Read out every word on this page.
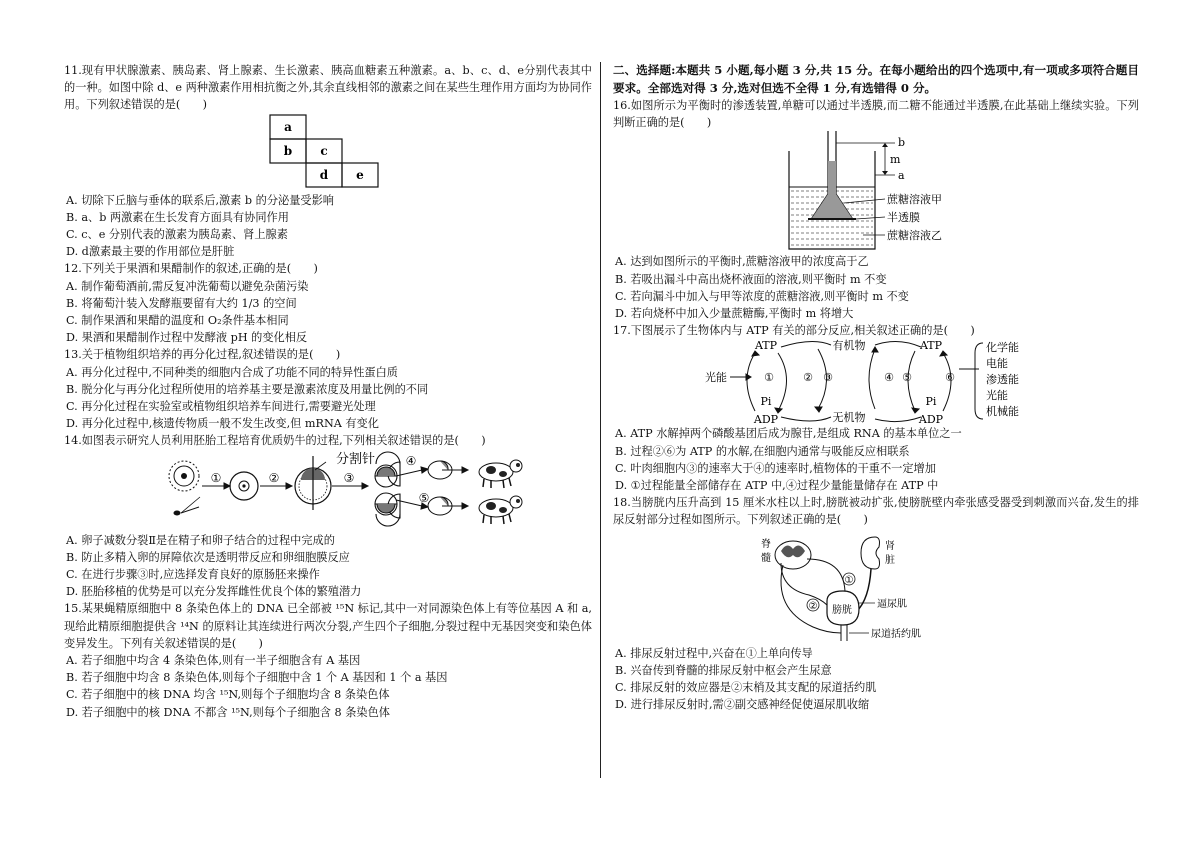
11.现有甲状腺激素、胰岛素、肾上腺素、生长激素、胰高血糖素五种激素。a、b、c、d、e分别代表其中的一种。如图中除 d、e 两种激素作用相抗衡之外,其余直线相邻的激素之间在某些生理作用方面均为协同作用。下列叙述错误的是(　　)

a
b c
d e

A. 切除下丘脑与垂体的联系后,激素 b 的分泌量受影响

B. a、b 两激素在生长发育方面具有协同作用

C. c、e 分别代表的激素为胰岛素、肾上腺素

D. d激素最主要的作用部位是肝脏

12.下列关于果酒和果醋制作的叙述,正确的是(　　)

A. 制作葡萄酒前,需反复冲洗葡萄以避免杂菌污染

B. 将葡萄汁装入发酵瓶要留有大约 1/3 的空间

C. 制作果酒和果醋的温度和 O₂条件基本相同

D. 果酒和果醋制作过程中发酵液 pH 的变化相反

13.关于植物组织培养的再分化过程,叙述错误的是(　　)

A. 再分化过程中,不同种类的细胞内合成了功能不同的特异性蛋白质

B. 脱分化与再分化过程所使用的培养基主要是激素浓度及用量比例的不同

C. 再分化过程在实验室或植物组织培养车间进行,需要避光处理

D. 再分化过程中,核遗传物质一般不发生改变,但 mRNA 有变化

14.如图表示研究人员利用胚胎工程培育优质奶牛的过程,下列相关叙述错误的是(　　)

①	②	③
④
⑤
分割针

A. 卵子减数分裂Ⅱ是在精子和卵子结合的过程中完成的

B. 防止多精入卵的屏障依次是透明带反应和卵细胞膜反应

C. 在进行步骤③时,应选择发育良好的原肠胚来操作

D. 胚胎移植的优势是可以充分发挥雌性优良个体的繁殖潜力

15.某果蝇精原细胞中 8 条染色体上的 DNA 已全部被 ¹⁵N 标记,其中一对同源染色体上有等位基因 A 和 a,现给此精原细胞提供含 ¹⁴N 的原料让其连续进行两次分裂,产生四个子细胞,分裂过程中无基因突变和染色体变异发生。下列有关叙述错误的是(　　)

A. 若子细胞中均含 4 条染色体,则有一半子细胞含有 A 基因

B. 若子细胞中均含 8 条染色体,则每个子细胞中含 1 个 A 基因和 1 个 a 基因

C. 若子细胞中的核 DNA 均含 ¹⁵N,则每个子细胞均含 8 条染色体

D. 若子细胞中的核 DNA 不都含 ¹⁵N,则每个子细胞含 8 条染色体

二、选择题:本题共 5 小题,每小题 3 分,共 15 分。在每小题给出的四个选项中,有一项或多项符合题目要求。全部选对得 3 分,选对但选不全得 1 分,有选错得 0 分。

16.如图所示为平衡时的渗透装置,单糖可以通过半透膜,而二糖不能通过半透膜,在此基础上继续实验。下列判断正确的是(　　)

b
m
a
蔗糖溶液甲
半透膜
蔗糖溶液乙

A. 达到如图所示的平衡时,蔗糖溶液甲的浓度高于乙

B. 若吸出漏斗中高出烧杯液面的溶液,则平衡时 m 不变

C. 若向漏斗中加入与甲等浓度的蔗糖溶液,则平衡时 m 不变

D. 若向烧杯中加入少量蔗糖酶,平衡时 m 将增大

17.下图展示了生物体内与 ATP 有关的部分反应,相关叙述正确的是(　　)

ATP
ADP
Pi
ATP
ADP
Pi
有机物
无机物
光能	①	② ③	④ ⑤	⑥
化学能
电能
渗透能
光能
机械能

A. ATP 水解掉两个磷酸基团后成为腺苷,是组成 RNA 的基本单位之一

B. 过程②⑥为 ATP 的水解,在细胞内通常与吸能反应相联系

C. 叶肉细胞内③的速率大于④的速率时,植物体的干重不一定增加

D. ①过程能量全部储存在 ATP 中,④过程少量能量储存在 ATP 中

18.当膀胱内压升高到 15 厘米水柱以上时,膀胱被动扩张,使膀胱壁内牵张感受器受到刺激而兴奋,发生的排尿反射部分过程如图所示。下列叙述正确的是(　　)

脊
髓
肾
脏
膀胱
①
②	逼尿肌
尿道括约肌

A. 排尿反射过程中,兴奋在①上单向传导

B. 兴奋传到脊髓的排尿反射中枢会产生尿意

C. 排尿反射的效应器是②末梢及其支配的尿道括约肌

D. 进行排尿反射时,需②副交感神经促使逼尿肌收缩
